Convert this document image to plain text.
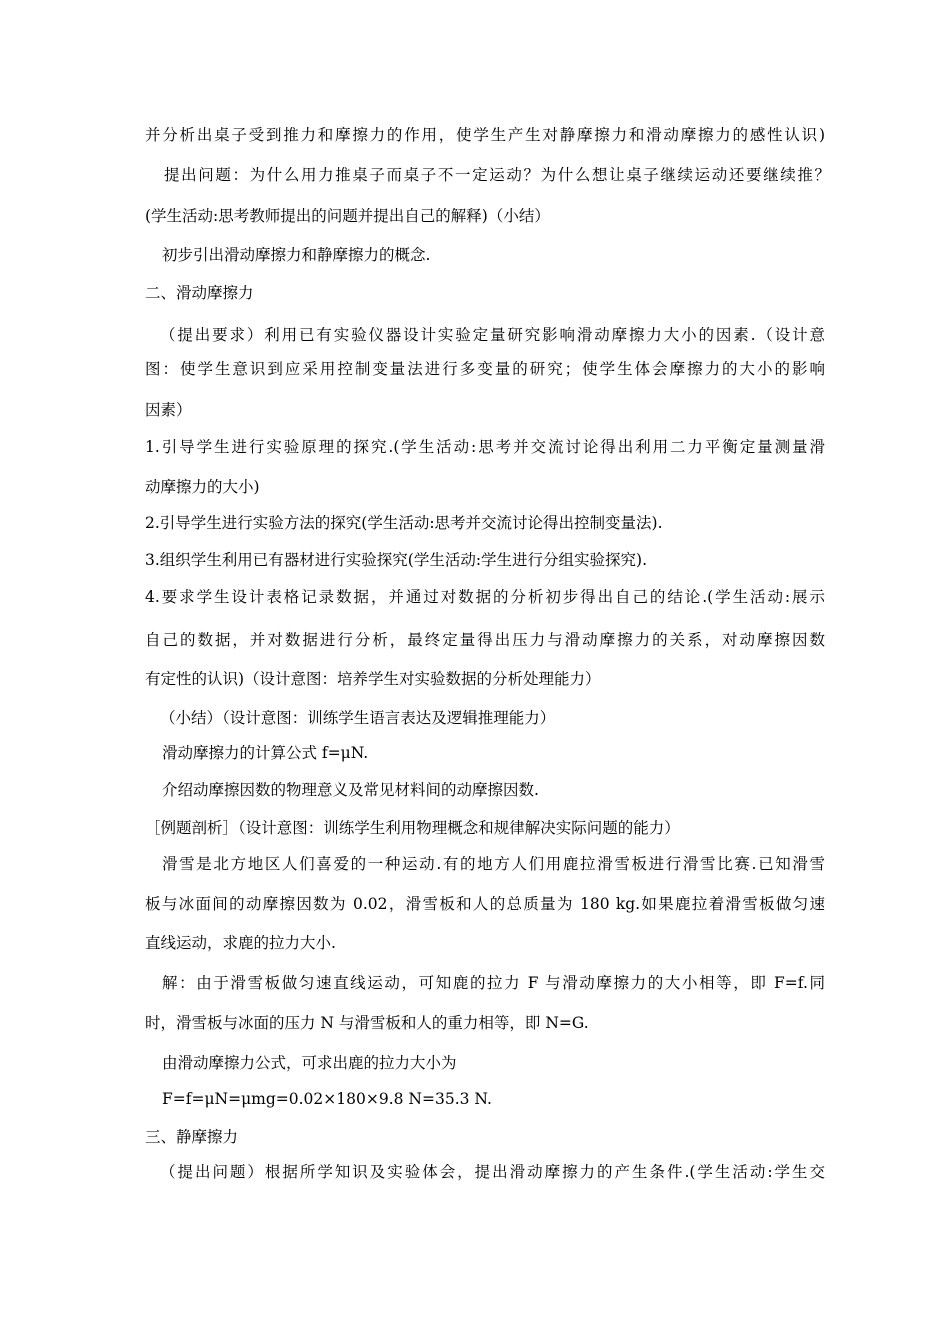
并分析出桌子受到推力和摩擦力的作用，使学生产生对静摩擦力和滑动摩擦力的感性认识)
提出问题：为什么用力推桌子而桌子不一定运动？为什么想让桌子继续运动还要继续推？
(学生活动:思考教师提出的问题并提出自己的解释)（小结）
初步引出滑动摩擦力和静摩擦力的概念.
二、滑动摩擦力
（提出要求）利用已有实验仪器设计实验定量研究影响滑动摩擦力大小的因素.（设计意
图：使学生意识到应采用控制变量法进行多变量的研究；使学生体会摩擦力的大小的影响
因素）
1.引导学生进行实验原理的探究.(学生活动:思考并交流讨论得出利用二力平衡定量测量滑
动摩擦力的大小)
2.引导学生进行实验方法的探究(学生活动:思考并交流讨论得出控制变量法).
3.组织学生利用已有器材进行实验探究(学生活动:学生进行分组实验探究).
4.要求学生设计表格记录数据，并通过对数据的分析初步得出自己的结论.(学生活动:展示
自己的数据，并对数据进行分析，最终定量得出压力与滑动摩擦力的关系，对动摩擦因数
有定性的认识)（设计意图：培养学生对实验数据的分析处理能力）
（小结）（设计意图：训练学生语言表达及逻辑推理能力）
滑动摩擦力的计算公式 f=μN.
介绍动摩擦因数的物理意义及常见材料间的动摩擦因数.
［例题剖析］（设计意图：训练学生利用物理概念和规律解决实际问题的能力）
滑雪是北方地区人们喜爱的一种运动.有的地方人们用鹿拉滑雪板进行滑雪比赛.已知滑雪
板与冰面间的动摩擦因数为 0.02，滑雪板和人的总质量为 180 kg.如果鹿拉着滑雪板做匀速
直线运动，求鹿的拉力大小.
解：由于滑雪板做匀速直线运动，可知鹿的拉力 F 与滑动摩擦力的大小相等，即 F=f.同
时，滑雪板与冰面的压力 N 与滑雪板和人的重力相等，即 N=G.
由滑动摩擦力公式，可求出鹿的拉力大小为
F=f=μN=μmg=0.02×180×9.8 N=35.3 N.
三、静摩擦力
（提出问题）根据所学知识及实验体会，提出滑动摩擦力的产生条件.(学生活动:学生交
